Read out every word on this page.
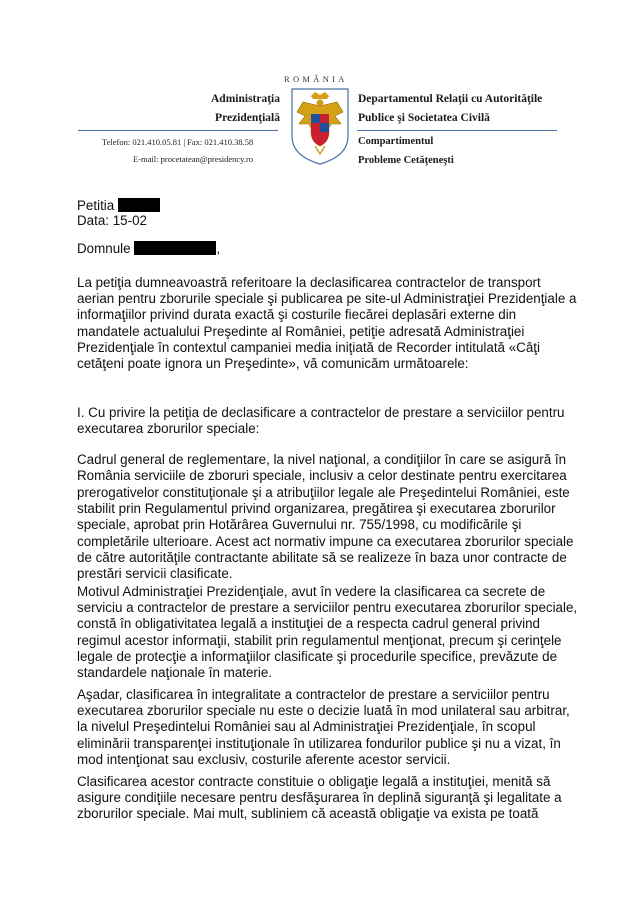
ROMÂNIA
Administraţia
Prezidenţială
Telefon: 021.410.05.81 | Fax: 021.410.38.58
E-mail: procetatean@presidency.ro
Departamentul Relaţii cu Autorităţile
Publice şi Societatea Civilă
Compartimentul
Probleme Cetăţeneşti
Petitia
Data: 15-02
Domnule	,
La petiţia dumneavoastră referitoare la declasificarea contractelor de transport
aerian pentru zborurile speciale şi publicarea pe site-ul Administraţiei Prezidenţiale a
informaţiilor privind durata exactă şi costurile fiecărei deplasări externe din
mandatele actualului Preşedinte al României, petiţie adresată Administraţiei
Prezidenţiale în contextul campaniei media iniţiată de Recorder intitulată «Câţi
cetăţeni poate ignora un Preşedinte», vă comunicăm următoarele:
I. Cu privire la petiţia de declasificare a contractelor de prestare a serviciilor pentru
executarea zborurilor speciale:
Cadrul general de reglementare, la nivel naţional, a condiţiilor în care se asigură în
România serviciile de zboruri speciale, inclusiv a celor destinate pentru exercitarea
prerogativelor constituţionale şi a atribuţiilor legale ale Preşedintelui României, este
stabilit prin Regulamentul privind organizarea, pregătirea şi executarea zborurilor
speciale, aprobat prin Hotărârea Guvernului nr. 755/1998, cu modificările şi
completările ulterioare. Acest act normativ impune ca executarea zborurilor speciale
de către autorităţile contractante abilitate să se realizeze în baza unor contracte de
prestări servicii clasificate.
Motivul Administraţiei Prezidenţiale, avut în vedere la clasificarea ca secrete de
serviciu a contractelor de prestare a serviciilor pentru executarea zborurilor speciale,
constă în obligativitatea legală a instituţiei de a respecta cadrul general privind
regimul acestor informaţii, stabilit prin regulamentul menţionat, precum şi cerinţele
legale de protecţie a informaţiilor clasificate şi procedurile specifice, prevăzute de
standardele naţionale în materie.
Aşadar, clasificarea în integralitate a contractelor de prestare a serviciilor pentru
executarea zborurilor speciale nu este o decizie luată în mod unilateral sau arbitrar,
la nivelul Preşedintelui României sau al Administraţiei Prezidenţiale, în scopul
eliminării transparenţei instituţionale în utilizarea fondurilor publice şi nu a vizat, în
mod intenţionat sau exclusiv, costurile aferente acestor servicii.
Clasificarea acestor contracte constituie o obligaţie legală a instituţiei, menită să
asigure condiţiile necesare pentru desfăşurarea în deplină siguranţă şi legalitate a
zborurilor speciale. Mai mult, subliniem că această obligaţie va exista pe toată
